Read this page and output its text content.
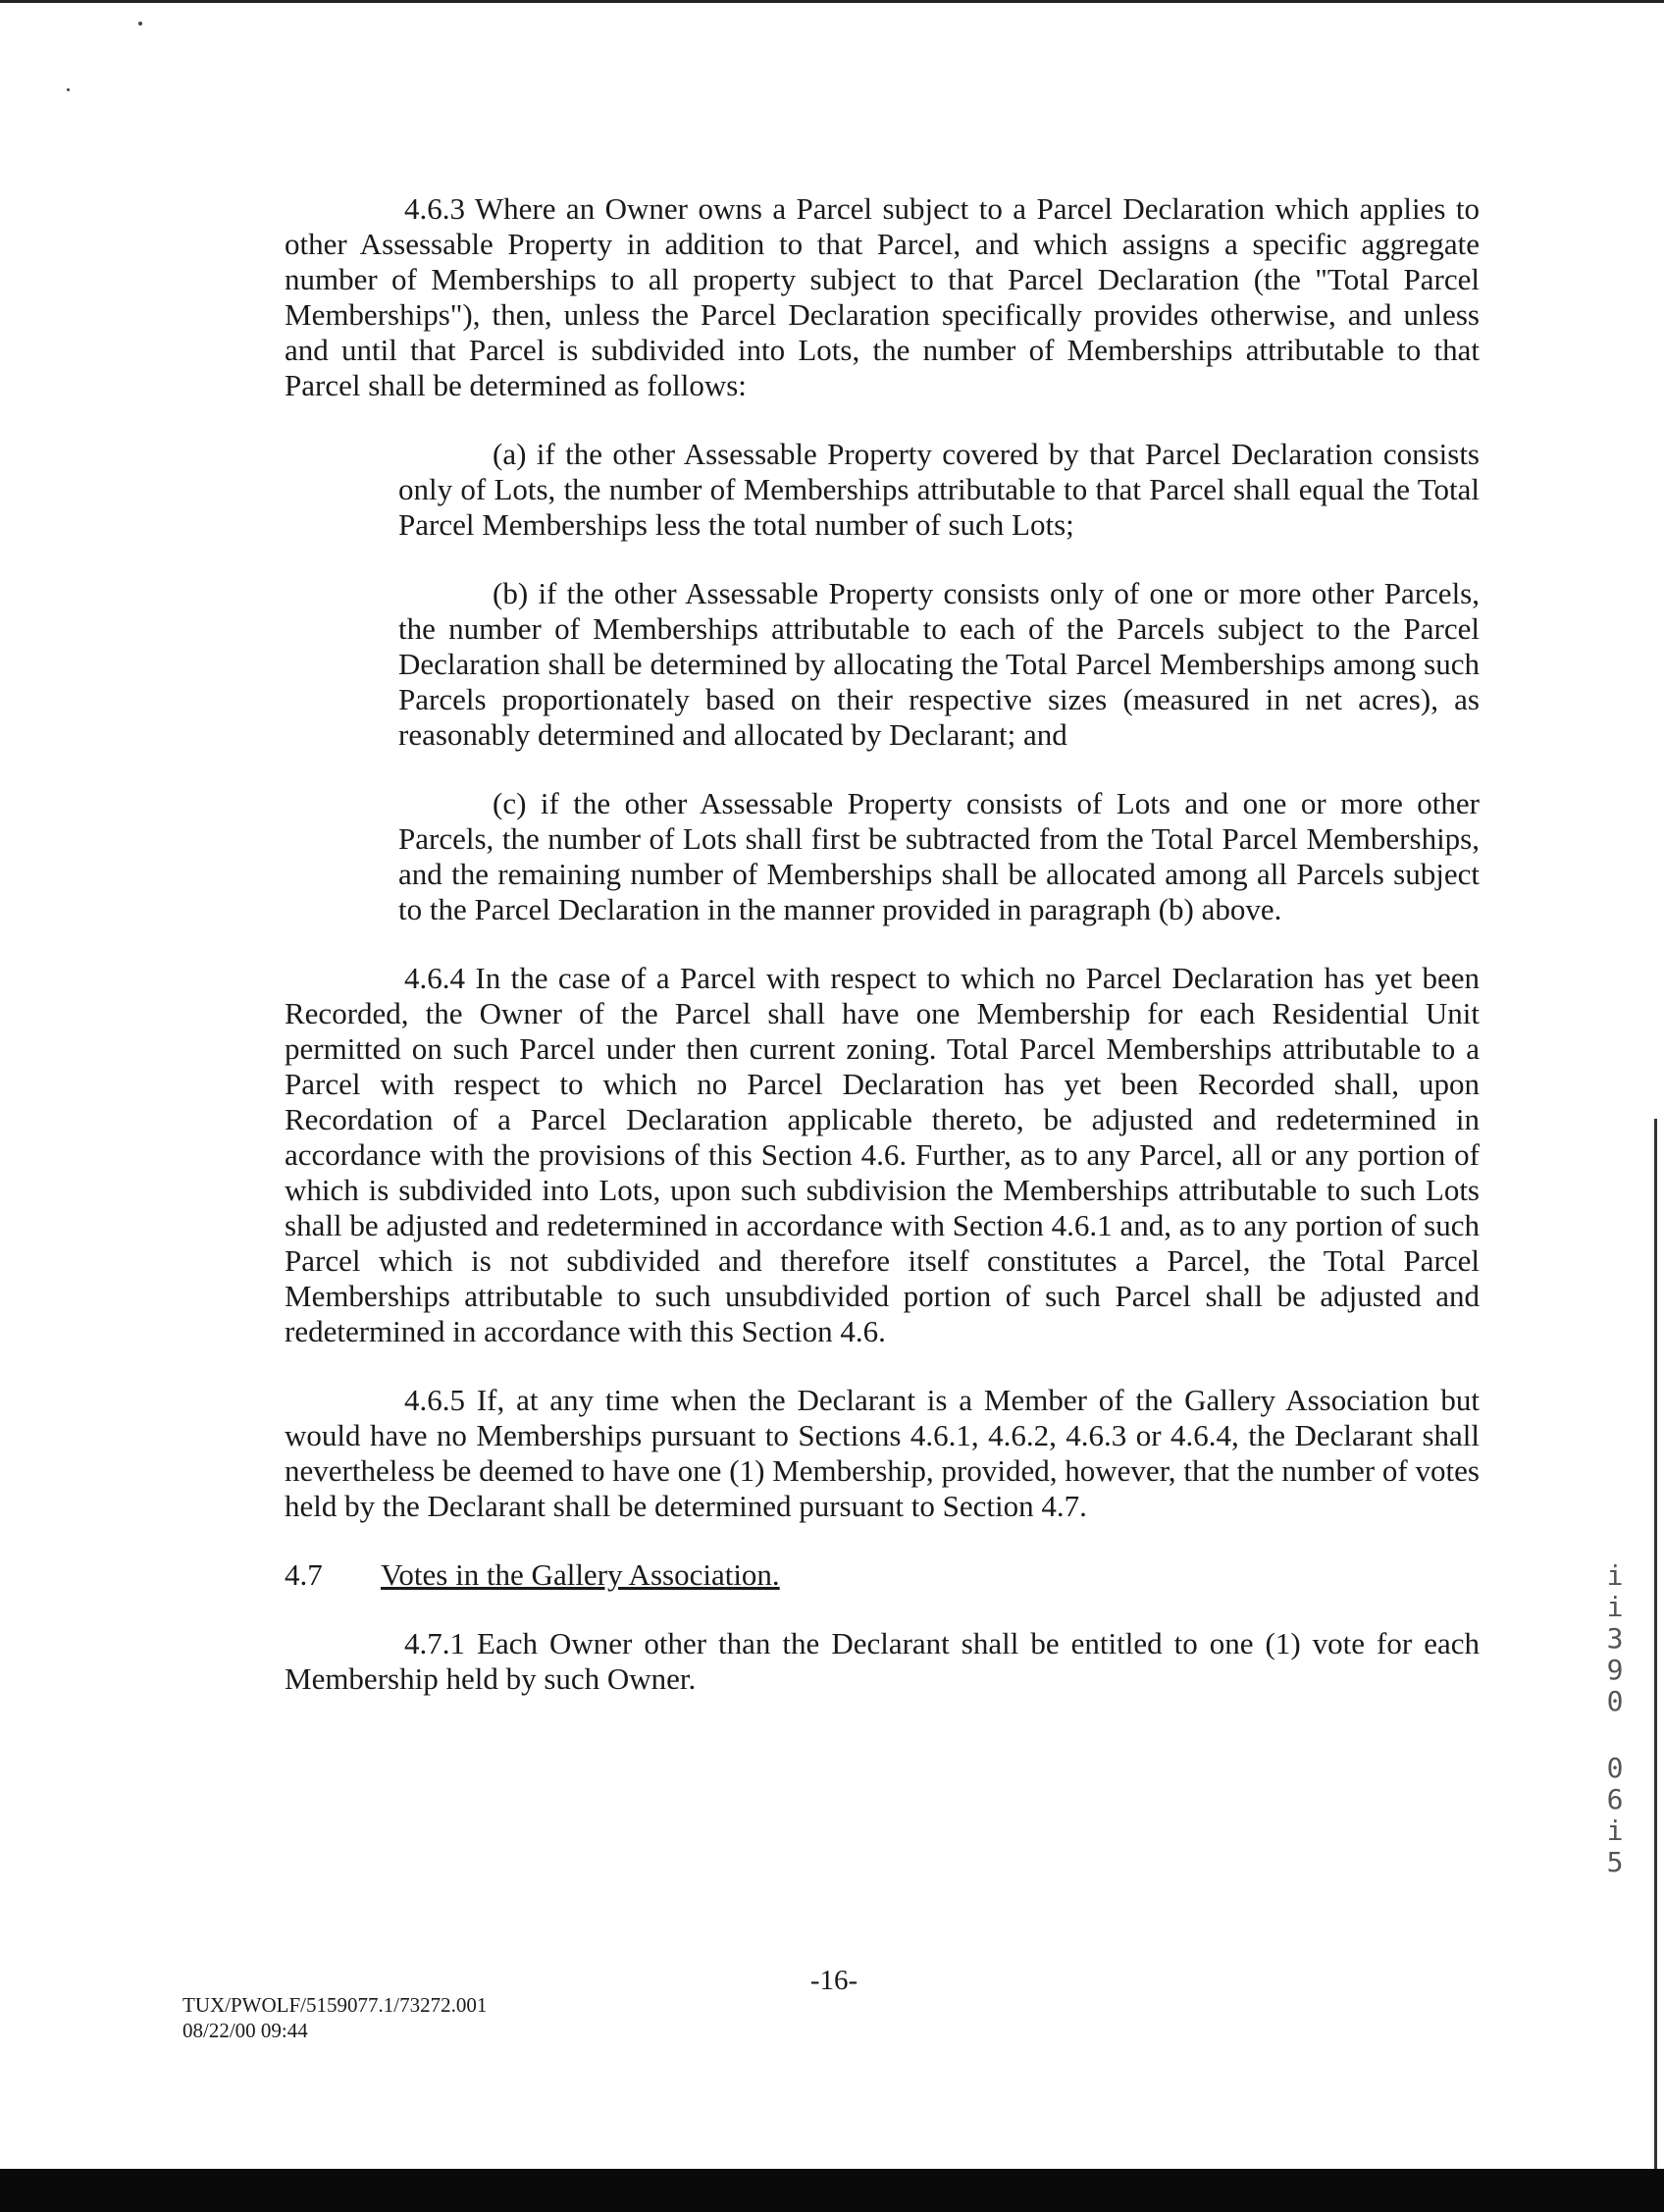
4.6.3 Where an Owner owns a Parcel subject to a Parcel Declaration which applies to other Assessable Property in addition to that Parcel, and which assigns a specific aggregate number of Memberships to all property subject to that Parcel Declaration (the "Total Parcel Memberships"), then, unless the Parcel Declaration specifically provides otherwise, and unless and until that Parcel is subdivided into Lots, the number of Memberships attributable to that Parcel shall be determined as follows:

(a) if the other Assessable Property covered by that Parcel Declaration consists only of Lots, the number of Memberships attributable to that Parcel shall equal the Total Parcel Memberships less the total number of such Lots;

(b) if the other Assessable Property consists only of one or more other Parcels, the number of Memberships attributable to each of the Parcels subject to the Parcel Declaration shall be determined by allocating the Total Parcel Memberships among such Parcels proportionately based on their respective sizes (measured in net acres), as reasonably determined and allocated by Declarant; and

(c) if the other Assessable Property consists of Lots and one or more other Parcels, the number of Lots shall first be subtracted from the Total Parcel Memberships, and the remaining number of Memberships shall be allocated among all Parcels subject to the Parcel Declaration in the manner provided in paragraph (b) above.

4.6.4 In the case of a Parcel with respect to which no Parcel Declaration has yet been Recorded, the Owner of the Parcel shall have one Membership for each Residential Unit permitted on such Parcel under then current zoning. Total Parcel Memberships attributable to a Parcel with respect to which no Parcel Declaration has yet been Recorded shall, upon Recordation of a Parcel Declaration applicable thereto, be adjusted and redetermined in accordance with the provisions of this Section 4.6. Further, as to any Parcel, all or any portion of which is subdivided into Lots, upon such subdivision the Memberships attributable to such Lots shall be adjusted and redetermined in accordance with Section 4.6.1 and, as to any portion of such Parcel which is not subdivided and therefore itself constitutes a Parcel, the Total Parcel Memberships attributable to such unsubdivided portion of such Parcel shall be adjusted and redetermined in accordance with this Section 4.6.

4.6.5 If, at any time when the Declarant is a Member of the Gallery Association but would have no Memberships pursuant to Sections 4.6.1, 4.6.2, 4.6.3 or 4.6.4, the Declarant shall nevertheless be deemed to have one (1) Membership, provided, however, that the number of votes held by the Declarant shall be determined pursuant to Section 4.7.

4.7 Votes in the Gallery Association.

4.7.1 Each Owner other than the Declarant shall be entitled to one (1) vote for each Membership held by such Owner.

-16-
TUX/PWOLF/5159077.1/73272.001
08/22/00 09:44
i
i
3
9
0
0
6
i
5
